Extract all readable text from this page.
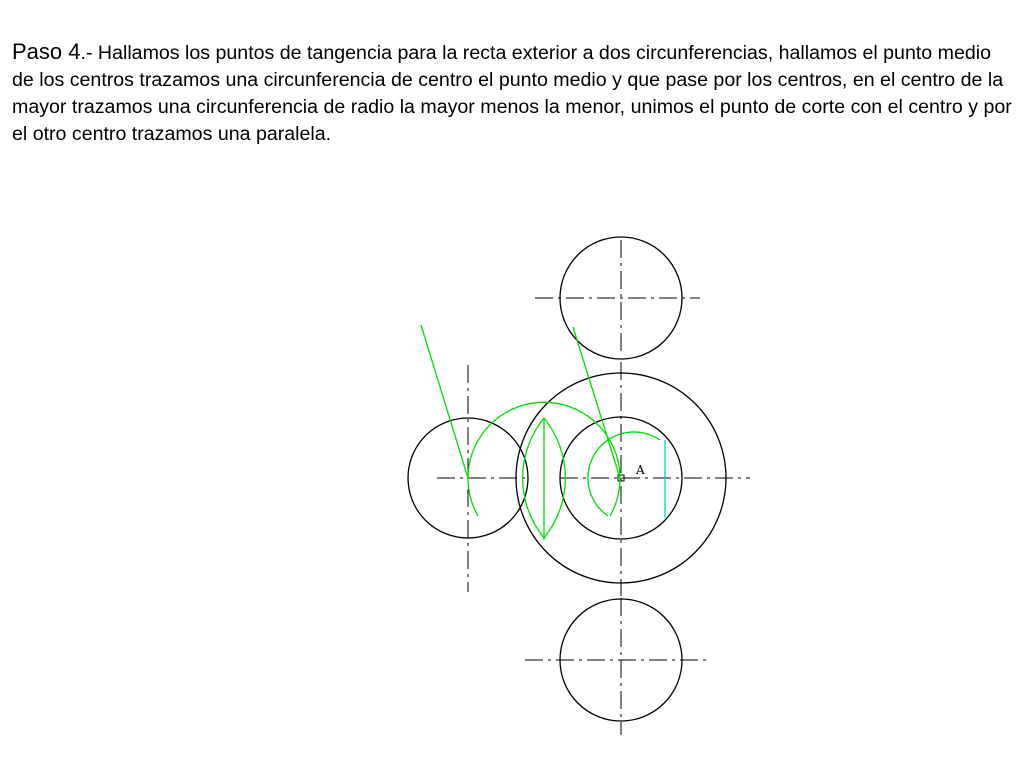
Paso 4.- Hallamos los puntos de tangencia para la recta exterior a dos circunferencias, hallamos el punto medio de los centros trazamos una circunferencia de centro el punto medio y que pase por los centros, en el centro de la mayor trazamos una circunferencia de radio la mayor menos la menor, unimos el punto de corte con el centro y por el otro centro trazamos una paralela.

A
